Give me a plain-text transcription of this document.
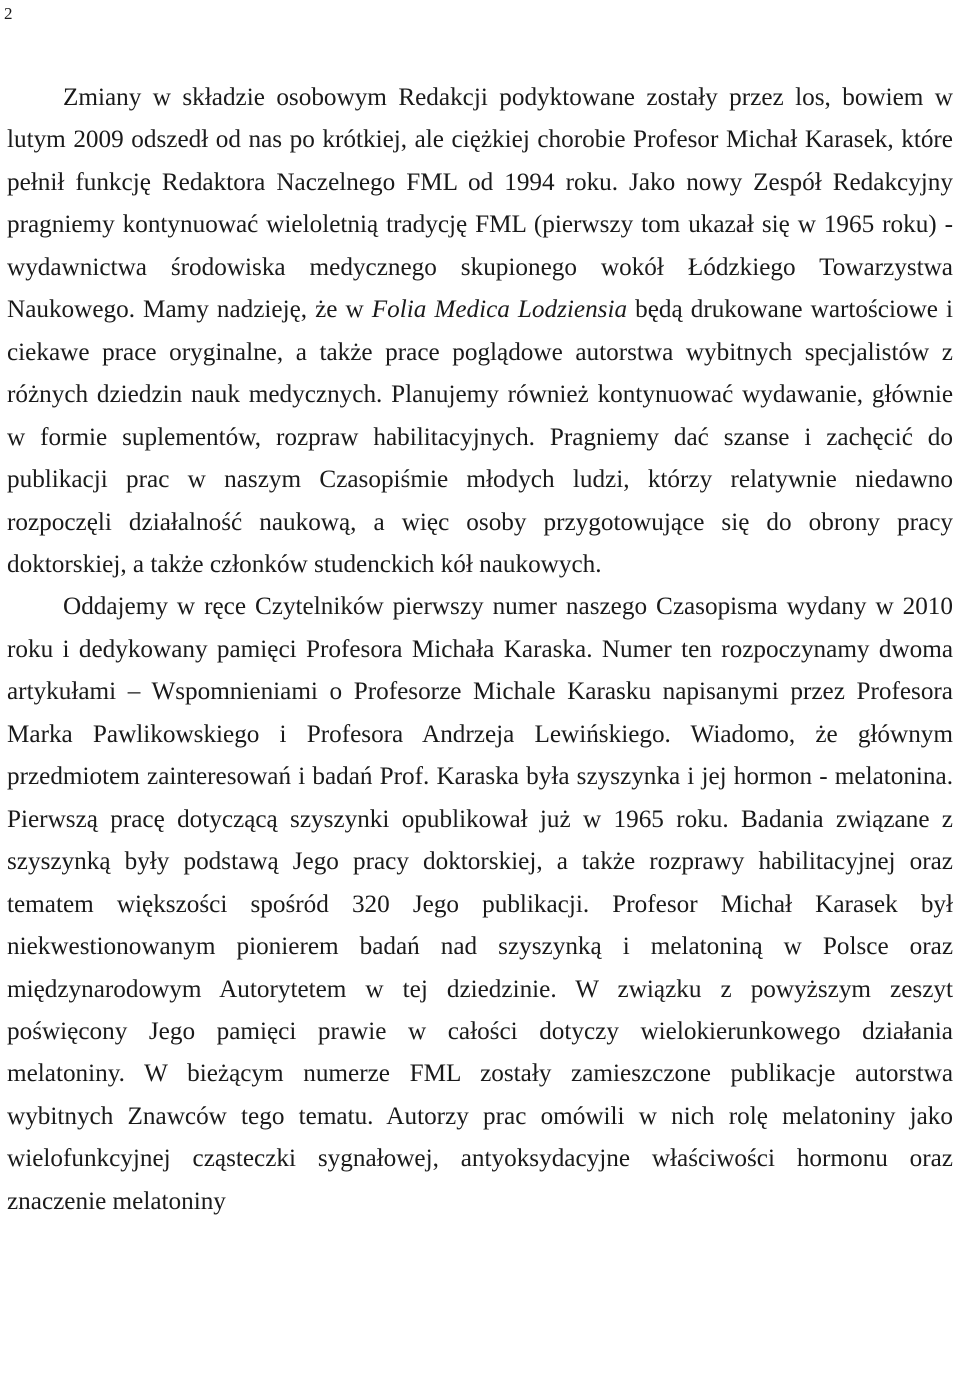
2

Zmiany w składzie osobowym Redakcji podyktowane zostały przez los, bowiem w lutym 2009 odszedł od nas po krótkiej, ale ciężkiej chorobie Profesor Michał Karasek, które pełnił funkcję Redaktora Naczelnego FML od 1994 roku. Jako nowy Zespół Redakcyjny pragniemy kontynuować wieloletnią tradycję FML (pierwszy tom ukazał się w 1965 roku) - wydawnictwa środowiska medycznego skupionego wokół Łódzkiego Towarzystwa Naukowego. Mamy nadzieję, że w Folia Medica Lodziensia będą drukowane wartościowe i ciekawe prace oryginalne, a także prace poglądowe autorstwa wybitnych specjalistów z różnych dziedzin nauk medycznych. Planujemy również kontynuować wydawanie, głównie w formie suplementów, rozpraw habilitacyjnych. Pragniemy dać szanse i zachęcić do publikacji prac w naszym Czasopiśmie młodych ludzi, którzy relatywnie niedawno rozpoczęli działalność naukową, a więc osoby przygotowujące się do obrony pracy doktorskiej, a także członków studenckich kół naukowych.

Oddajemy w ręce Czytelników pierwszy numer naszego Czasopisma wydany w 2010 roku i dedykowany pamięci Profesora Michała Karaska. Numer ten rozpoczynamy dwoma artykułami – Wspomnieniami o Profesorze Michale Karasku napisanymi przez Profesora Marka Pawlikowskiego i Profesora Andrzeja Lewińskiego. Wiadomo, że głównym przedmiotem zainteresowań i badań Prof. Karaska była szyszynka i jej hormon - melatonina. Pierwszą pracę dotyczącą szyszynki opublikował już w 1965 roku. Badania związane z szyszynką były podstawą Jego pracy doktorskiej, a także rozprawy habilitacyjnej oraz tematem większości spośród 320 Jego publikacji. Profesor Michał Karasek był niekwestionowanym pionierem badań nad szyszynką i melatoniną w Polsce oraz międzynarodowym Autorytetem w tej dziedzinie. W związku z powyższym zeszyt poświęcony Jego pamięci prawie w całości dotyczy wielokierunkowego działania melatoniny. W bieżącym numerze FML zostały zamieszczone publikacje autorstwa wybitnych Znawców tego tematu. Autorzy prac omówili w nich rolę melatoniny jako wielofunkcyjnej cząsteczki sygnałowej, antyoksydacyjne właściwości hormonu oraz znaczenie melatoniny
